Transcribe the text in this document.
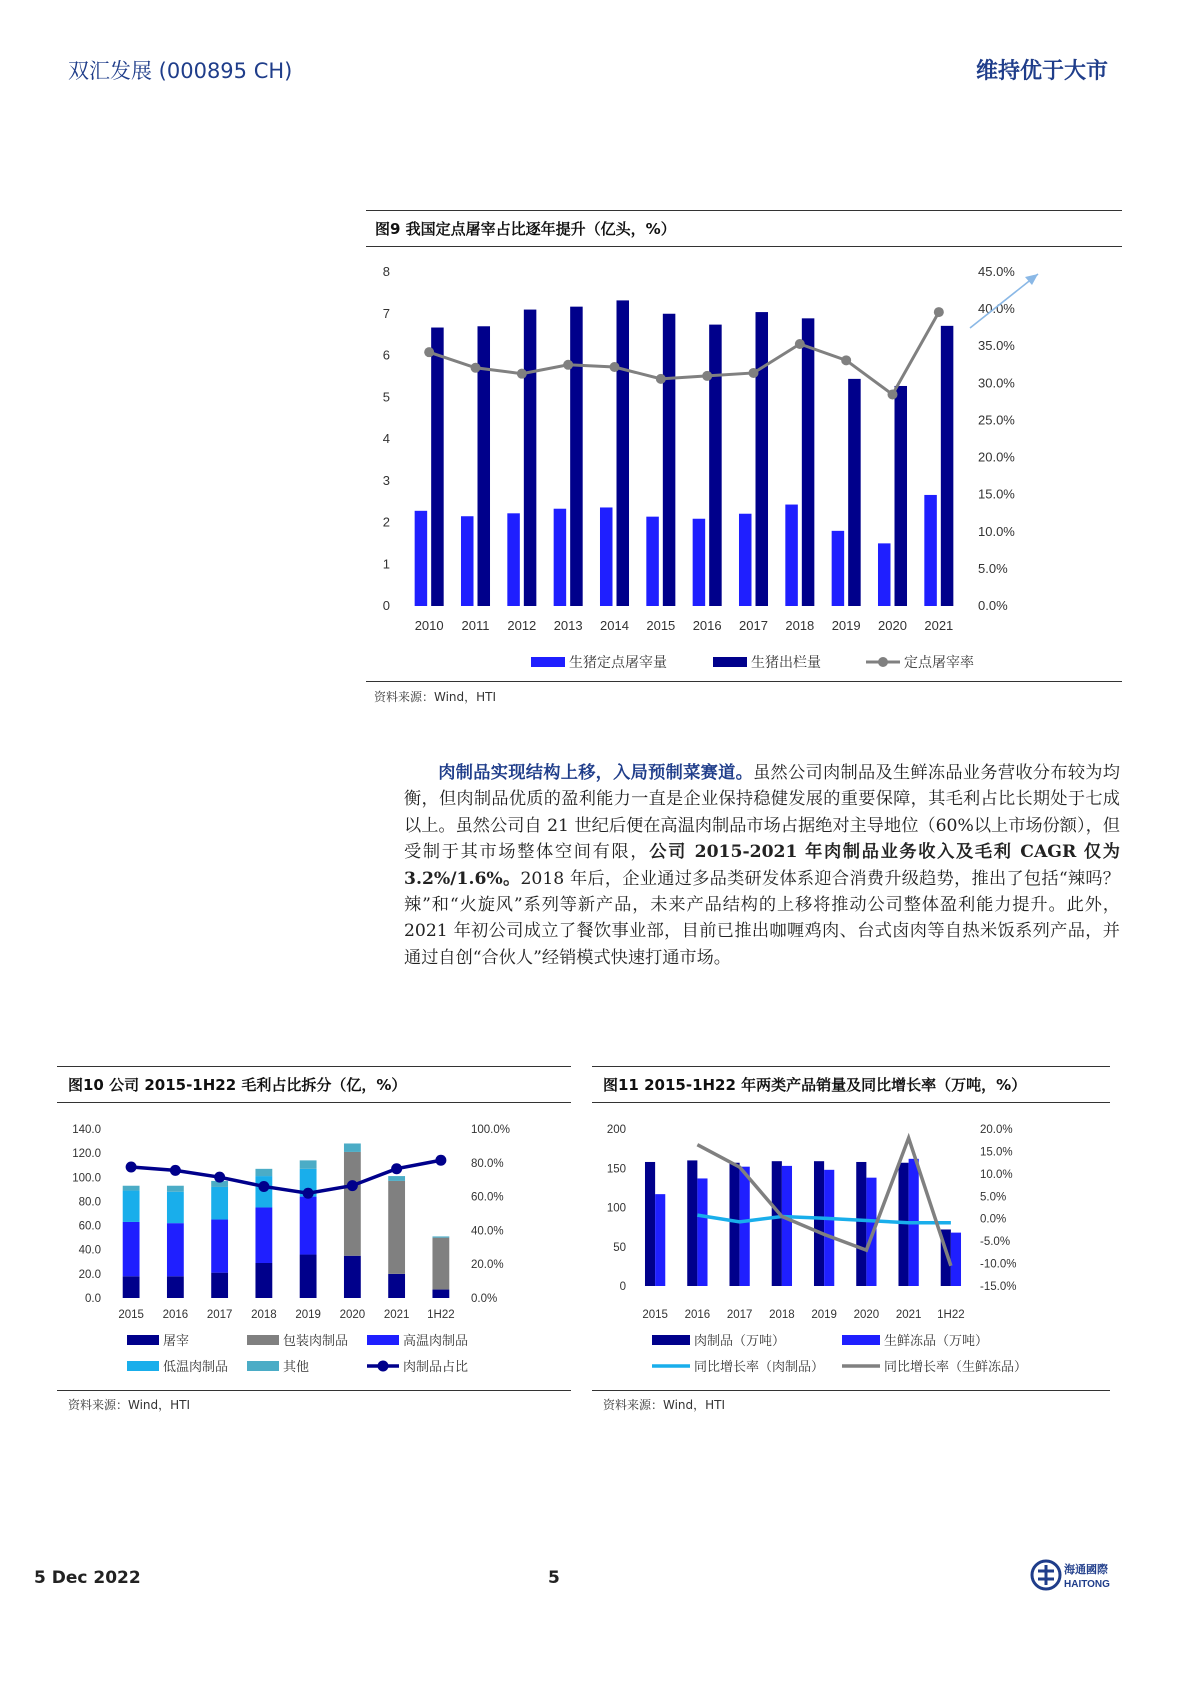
双汇发展 (000895 CH)	维持优于大市
图9 我国定点屠宰占比逐年提升（亿头，%）
0
1
2
3
4
5
6
7
8
0.0%
5.0%
10.0%
15.0%
20.0%
25.0%
30.0%
35.0%
40.0%
45.0%
2010 2011 2012 2013 2014 2015 2016 2017 2018 2019 2020 2021
生猪定点屠宰量	生猪出栏量	定点屠宰率
资料来源：Wind，HTI
肉制品实现结构上移，入局预制菜赛道。虽然公司肉制品及生鲜冻品业务营收分布较为均衡，但肉制品优质的盈利能力一直是企业保持稳健发展的重要保障，其毛利占比长期处于七成以上。虽然公司自 21 世纪后便在高温肉制品市场占据绝对主导地位（60%以上市场份额），但受制于其市场整体空间有限，公司 2015-2021 年肉制品业务收入及毛利 CAGR 仅为 3.2%/1.6%。2018 年后，企业通过多品类研发体系迎合消费升级趋势，推出了包括“辣吗？辣”和“火旋风”系列等新产品，未来产品结构的上移将推动公司整体盈利能力提升。此外，2021 年初公司成立了餐饮事业部，目前已推出咖喱鸡肉、台式卤肉等自热米饭系列产品，并通过自创“合伙人”经销模式快速打通市场。
图10 公司 2015-1H22 毛利占比拆分（亿，%）
0.0
20.0
40.0
60.0
80.0
100.0
120.0
140.0
0.0%
20.0%
40.0%
60.0%
80.0%
100.0%
2015 2016 2017 2018 2019 2020 2021 1H22
屠宰	包装肉制品	高温肉制品
低温肉制品	其他	肉制品占比
资料来源：Wind，HTI
图11 2015-1H22 年两类产品销量及同比增长率（万吨，%）
0
50
100
150
200
-15.0%
-10.0%
-5.0%
0.0%
5.0%
10.0%
15.0%
20.0%
2015 2016 2017 2018 2019 2020 2021 1H22
肉制品（万吨）	生鲜冻品（万吨）
同比增长率（肉制品）	同比增长率（生鲜冻品）
资料来源：Wind，HTI
5 Dec 2022	5	海通國際
HAITONG
